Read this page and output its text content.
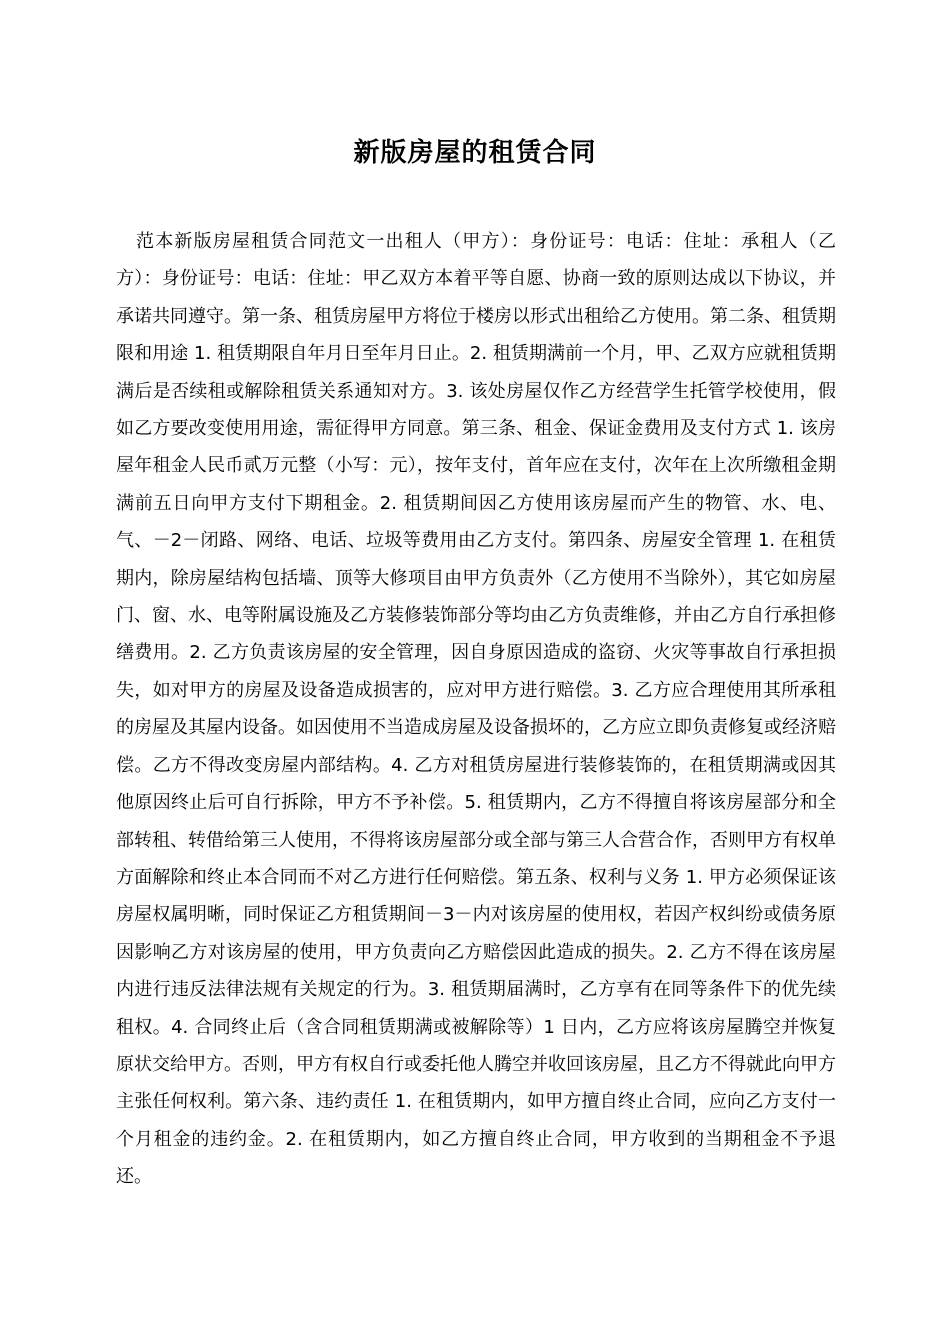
新版房屋的租赁合同

范本新版房屋租赁合同范文一出租人（甲方）：身份证号：电话：住址：承租人（乙方）：身份证号：电话：住址：甲乙双方本着平等自愿、协商一致的原则达成以下协议，并承诺共同遵守。第一条、租赁房屋甲方将位于楼房以形式出租给乙方使用。第二条、租赁期限和用途 1. 租赁期限自年月日至年月日止。2. 租赁期满前一个月，甲、乙双方应就租赁期满后是否续租或解除租赁关系通知对方。3. 该处房屋仅作乙方经营学生托管学校使用，假如乙方要改变使用用途，需征得甲方同意。第三条、租金、保证金费用及支付方式 1. 该房屋年租金人民币贰万元整（小写：元），按年支付，首年应在支付，次年在上次所缴租金期满前五日向甲方支付下期租金。2. 租赁期间因乙方使用该房屋而产生的物管、水、电、气、－2－闭路、网络、电话、垃圾等费用由乙方支付。第四条、房屋安全管理 1. 在租赁期内，除房屋结构包括墙、顶等大修项目由甲方负责外（乙方使用不当除外），其它如房屋门、窗、水、电等附属设施及乙方装修装饰部分等均由乙方负责维修，并由乙方自行承担修缮费用。2. 乙方负责该房屋的安全管理，因自身原因造成的盗窃、火灾等事故自行承担损失，如对甲方的房屋及设备造成损害的，应对甲方进行赔偿。3. 乙方应合理使用其所承租的房屋及其屋内设备。如因使用不当造成房屋及设备损坏的，乙方应立即负责修复或经济赔偿。乙方不得改变房屋内部结构。4. 乙方对租赁房屋进行装修装饰的，在租赁期满或因其他原因终止后可自行拆除，甲方不予补偿。5. 租赁期内，乙方不得擅自将该房屋部分和全部转租、转借给第三人使用，不得将该房屋部分或全部与第三人合营合作，否则甲方有权单方面解除和终止本合同而不对乙方进行任何赔偿。第五条、权利与义务 1. 甲方必须保证该房屋权属明晰，同时保证乙方租赁期间－3－内对该房屋的使用权，若因产权纠纷或债务原因影响乙方对该房屋的使用，甲方负责向乙方赔偿因此造成的损失。2. 乙方不得在该房屋内进行违反法律法规有关规定的行为。3. 租赁期届满时，乙方享有在同等条件下的优先续租权。4. 合同终止后（含合同租赁期满或被解除等）1 日内，乙方应将该房屋腾空并恢复原状交给甲方。否则，甲方有权自行或委托他人腾空并收回该房屋，且乙方不得就此向甲方主张任何权利。第六条、违约责任 1. 在租赁期内，如甲方擅自终止合同，应向乙方支付一个月租金的违约金。2. 在租赁期内，如乙方擅自终止合同，甲方收到的当期租金不予退还。
